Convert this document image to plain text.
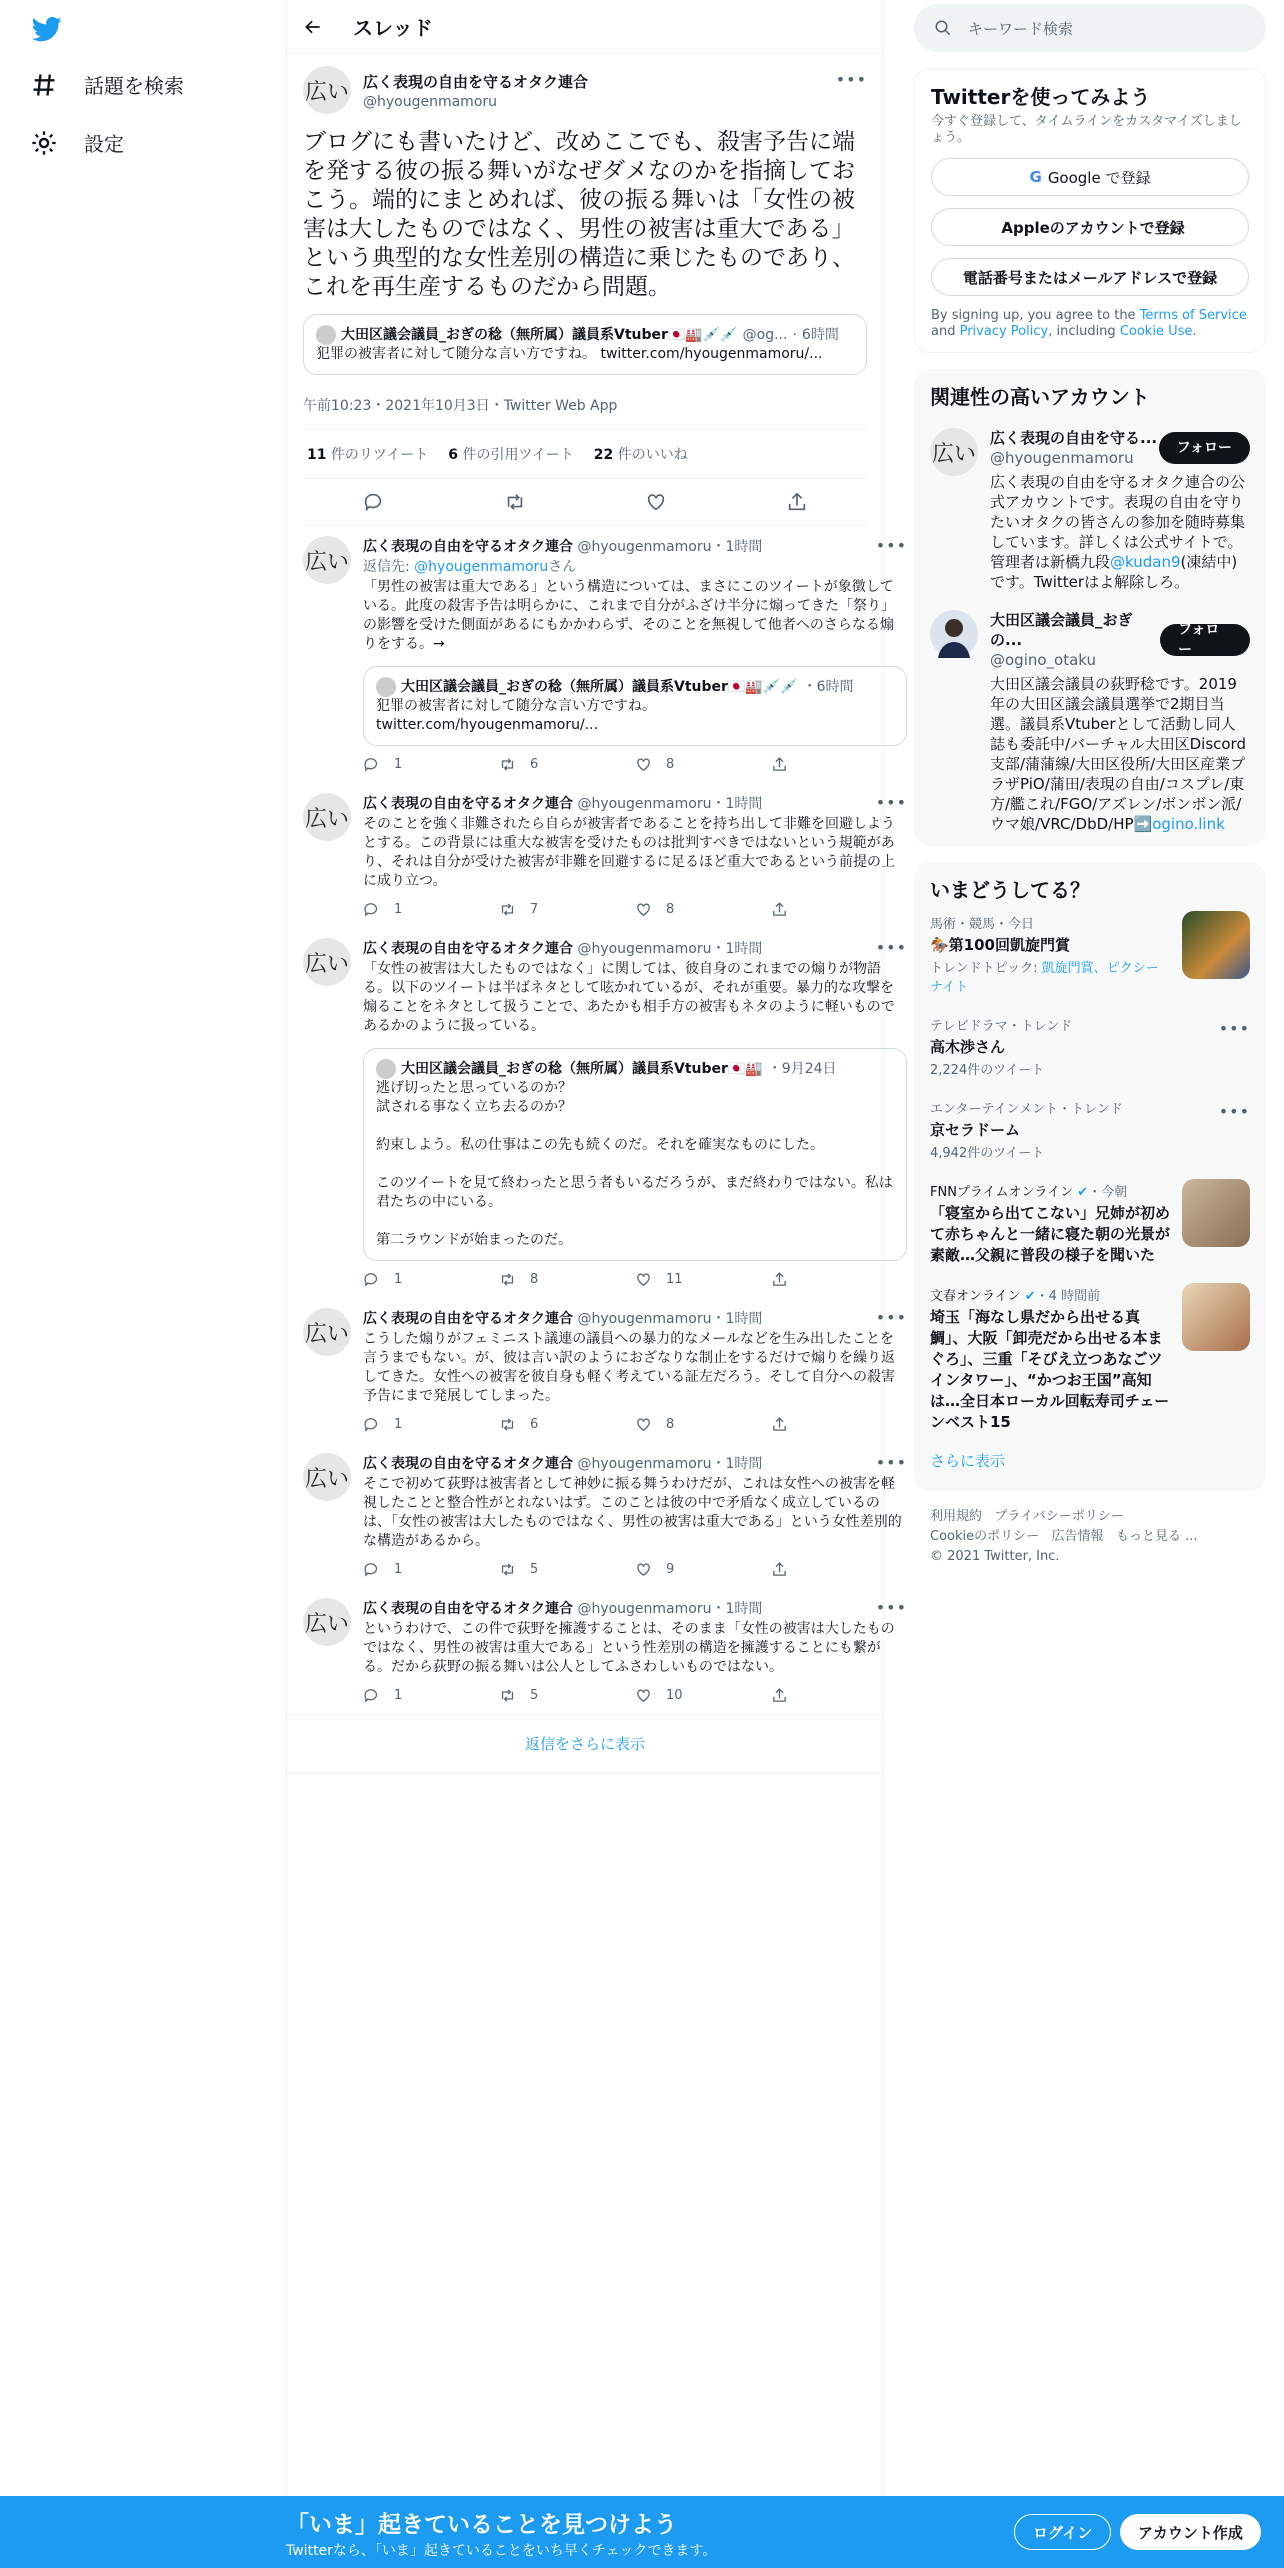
話題を検索
設定
スレッド
広い 広く表現の自由を守るオタク連合
@hyougenmamoru
•••
ブログにも書いたけど、改めここでも、殺害予告に端を発する彼の振る舞いがなぜダメなのかを指摘しておこう。端的にまとめれば、彼の振る舞いは「女性の被害は大したものではなく、男性の被害は重大である」という典型的な女性差別の構造に乗じたものであり、これを再生産するものだから問題。
大田区議会議員_おぎの稔（無所属）議員系Vtuber🇯🇵🏭💉💉 @og... · 6時間
犯罪の被害者に対して随分な言い方ですね。 twitter.com/hyougenmamoru/...
午前10:23・2021年10月3日・Twitter Web App
11 件のリツイート 6 件の引用ツイート 22 件のいいね
広い
広く表現の自由を守るオタク連合 @hyougenmamoru・1時間	•••
返信先: @hyougenmamoruさん
「男性の被害は重大である」という構造については、まさにこのツイートが象徴している。此度の殺害予告は明らかに、これまで自分がふざけ半分に煽ってきた「祭り」の影響を受けた側面があるにもかかわらず、そのことを無視して他者へのさらなる煽りをする。→
大田区議会議員_おぎの稔（無所属）議員系Vtuber🇯🇵🏭💉💉 ・6時間
犯罪の被害者に対して随分な言い方ですね。
twitter.com/hyougenmamoru/...
1	6	8
広い
広く表現の自由を守るオタク連合 @hyougenmamoru・1時間	•••
そのことを強く非難されたら自らが被害者であることを持ち出して非難を回避しようとする。この背景には重大な被害を受けたものは批判すべきではないという規範があり、それは自分が受けた被害が非難を回避するに足るほど重大であるという前提の上に成り立つ。
1	7	8
広い
広く表現の自由を守るオタク連合 @hyougenmamoru・1時間	•••
「女性の被害は大したものではなく」に関しては、彼自身のこれまでの煽りが物語る。以下のツイートは半ばネタとして呟かれているが、それが重要。暴力的な攻撃を煽ることをネタとして扱うことで、あたかも相手方の被害もネタのように軽いものであるかのように扱っている。
大田区議会議員_おぎの稔（無所属）議員系Vtuber🇯🇵🏭 ・9月24日
逃げ切ったと思っているのか？
試される事なく立ち去るのか？

約束しよう。私の仕事はこの先も続くのだ。それを確実なものにした。

このツイートを見て終わったと思う者もいるだろうが、まだ終わりではない。私は君たちの中にいる。

第二ラウンドが始まったのだ。
1	8	11
広い
広く表現の自由を守るオタク連合 @hyougenmamoru・1時間	•••
こうした煽りがフェミニスト議連の議員への暴力的なメールなどを生み出したことを言うまでもない。が、彼は言い訳のようにおざなりな制止をするだけで煽りを繰り返してきた。女性への被害を彼自身も軽く考えている証左だろう。そして自分への殺害予告にまで発展してしまった。
1	6	8
広い
広く表現の自由を守るオタク連合 @hyougenmamoru・1時間	•••
そこで初めて荻野は被害者として神妙に振る舞うわけだが、これは女性への被害を軽視したことと整合性がとれないはず。このことは彼の中で矛盾なく成立しているのは、「女性の被害は大したものではなく、男性の被害は重大である」という女性差別的な構造があるから。
1	5	9
広い
広く表現の自由を守るオタク連合 @hyougenmamoru・1時間	•••
というわけで、この件で荻野を擁護することは、そのまま「女性の被害は大したものではなく、男性の被害は重大である」という性差別の構造を擁護することにも繋がる。だから荻野の振る舞いは公人としてふさわしいものではない。
1	5	10
返信をさらに表示
キーワード検索
Twitterを使ってみよう
今すぐ登録して、タイムラインをカスタマイズしましょう。
G Google で登録
Appleのアカウントで登録
電話番号またはメールアドレスで登録
By signing up, you agree to the Terms of Service and Privacy Policy, including Cookie Use.
関連性の高いアカウント
広い
広く表現の自由を守る...
@hyougenmamoru
フォロー
広く表現の自由を守るオタク連合の公式アカウントです。表現の自由を守りたいオタクの皆さんの参加を随時募集しています。詳しくは公式サイトで。管理者は新橋九段@kudan9(凍結中)です。Twitterはよ解除しろ。
大田区議会議員_おぎの...
@ogino_otaku
フォロー
大田区議会議員の荻野稔です。2019年の大田区議会議員選挙で2期目当選。議員系Vtuberとして活動し同人誌も委託中/バーチャル大田区Discord支部/蒲蒲線/大田区役所/大田区産業プラザPiO/蒲田/表現の自由/コスプレ/東方/艦これ/FGO/アズレン/ボンボン派/ウマ娘/VRC/DbD/HP➡️ogino.link
いまどうしてる？
馬術・競馬・今日
🏇第100回凱旋門賞
トレンドトピック: 凱旋門賞、ピクシーナイト
テレビドラマ・トレンド
高木渉さん
2,224件のツイート
•••
エンターテインメント・トレンド
京セラドーム
4,942件のツイート
•••
FNNプライムオンライン ✔・今朝
「寝室から出てこない」兄姉が初めて赤ちゃんと一緒に寝た朝の光景が素敵…父親に普段の様子を聞いた
文春オンライン ✔・4 時間前
埼玉「海なし県だから出せる真鯛」、大阪「卸売だから出せる本まぐろ」、三重「そびえ立つあなごツインタワー」、“かつお王国”高知は…全日本ローカル回転寿司チェーンベスト15
さらに表示
利用規約 プライバシーポリシー
Cookieのポリシー 広告情報 もっと見る ...
© 2021 Twitter, Inc.
「いま」起きていることを見つけよう
Twitterなら、「いま」起きていることをいち早くチェックできます。
ログイン	アカウント作成
